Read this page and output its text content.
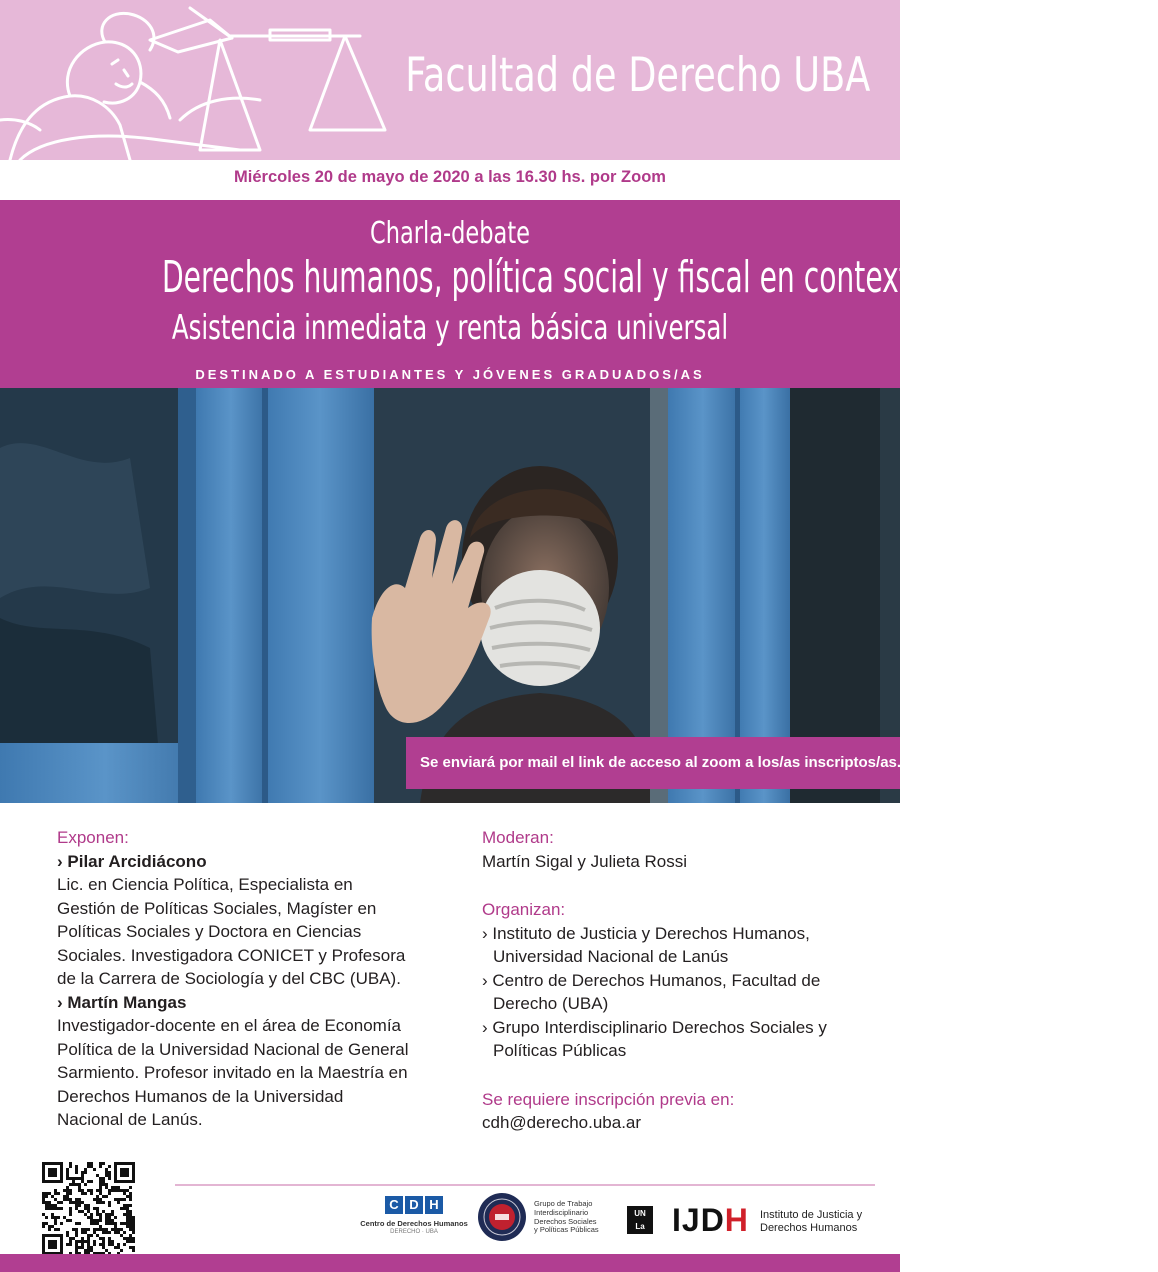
Facultad de Derecho UBA
Miércoles 20 de mayo de 2020 a las 16.30 hs. por Zoom
Charla-debate
Derechos humanos, política social y fiscal en contextos de aislamiento
Asistencia inmediata y renta básica universal
DESTINADO A ESTUDIANTES Y JÓVENES GRADUADOS/AS
Se enviará por mail el link de acceso al zoom a los/as inscriptos/as.
Exponen:
› Pilar Arcidiácono
Lic. en Ciencia Política, Especialista en
Gestión de Políticas Sociales, Magíster en
Políticas Sociales y Doctora en Ciencias
Sociales. Investigadora CONICET y Profesora
de la Carrera de Sociología y del CBC (UBA).
› Martín Mangas
Investigador-docente en el área de Economía
Política de la Universidad Nacional de General
Sarmiento. Profesor invitado en la Maestría en
Derechos Humanos de la Universidad
Nacional de Lanús.
Moderan:
Martín Sigal y Julieta Rossi
Organizan:
› Instituto de Justicia y Derechos Humanos,
Universidad Nacional de Lanús
› Centro de Derechos Humanos, Facultad de
Derecho (UBA)
› Grupo Interdisciplinario Derechos Sociales y
Políticas Públicas
Se requiere inscripción previa en:
cdh@derecho.uba.ar
C D H
Centro de Derechos Humanos
DERECHO · UBA
Grupo de Trabajo
Interdisciplinario
Derechos Sociales
y Políticas Públicas
UN
La IJDH Instituto de Justicia y
Derechos Humanos
